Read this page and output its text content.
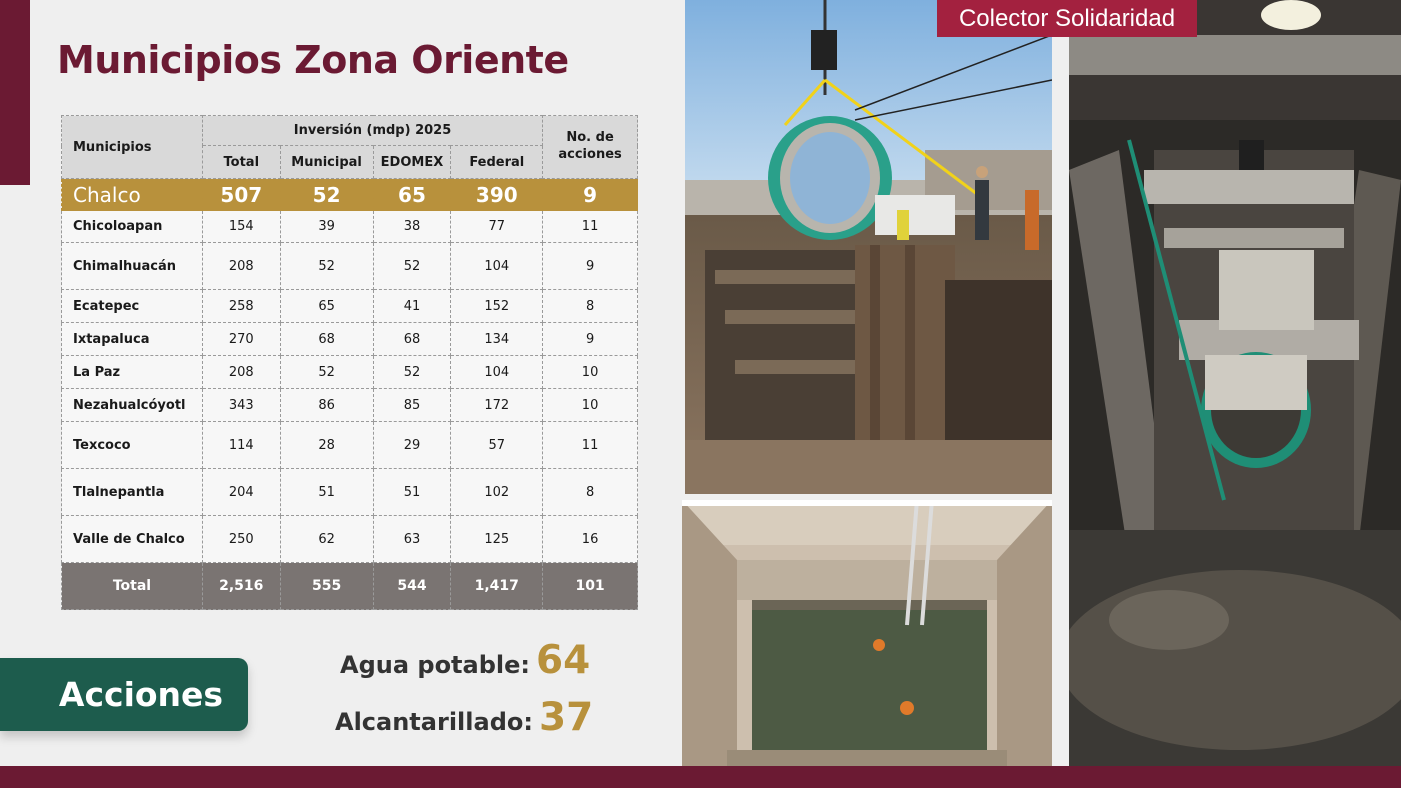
Municipios Zona Oriente
Municipios	Inversión (mdp) 2025				No. de acciones
	Total	Municipal	EDOMEX	Federal	
Chalco	507	52	65	390	9
Chicoloapan	154	39	38	77	11
Chimalhuacán	208	52	52	104	9
Ecatepec	258	65	41	152	8
Ixtapaluca	270	68	68	134	9
La Paz	208	52	52	104	10
Nezahualcóyotl	343	86	85	172	10
Texcoco	114	28	29	57	11
Tlalnepantla	204	51	51	102	8
Valle de Chalco	250	62	63	125	16
Total	2,516	555	544	1,417	101
Acciones
Agua potable: 64
Alcantarillado: 37
Colector Solidaridad
